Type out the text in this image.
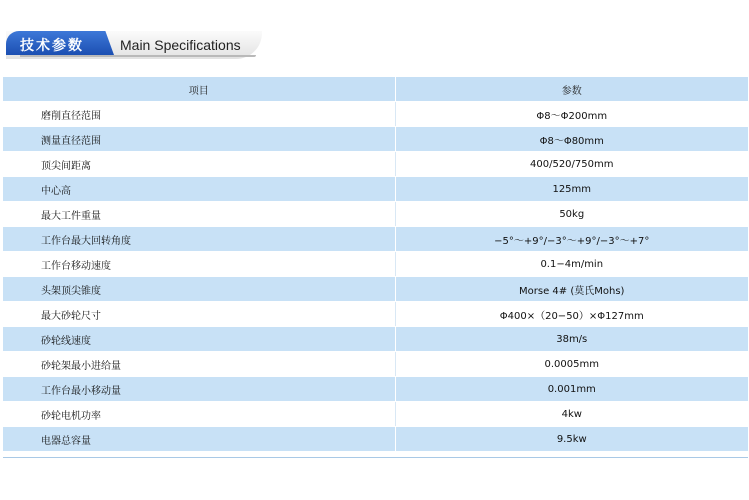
技术参数	Main Specifications
项目	参数
磨削直径范围	Φ8～Φ200mm
测量直径范围	Φ8～Φ80mm
顶尖间距离	400/520/750mm
中心高	125mm
最大工件重量	50kg
工作台最大回转角度	−5°～+9°/−3°～+9°/−3°～+7°
工作台移动速度	0.1−4m/min
头架顶尖锥度	Morse 4# (莫氏Mohs)
最大砂轮尺寸	Φ400×（20−50）×Φ127mm
砂轮线速度	38m/s
砂轮架最小进给量	0.0005mm
工作台最小移动量	0.001mm
砂轮电机功率	4kw
电器总容量	9.5kw
